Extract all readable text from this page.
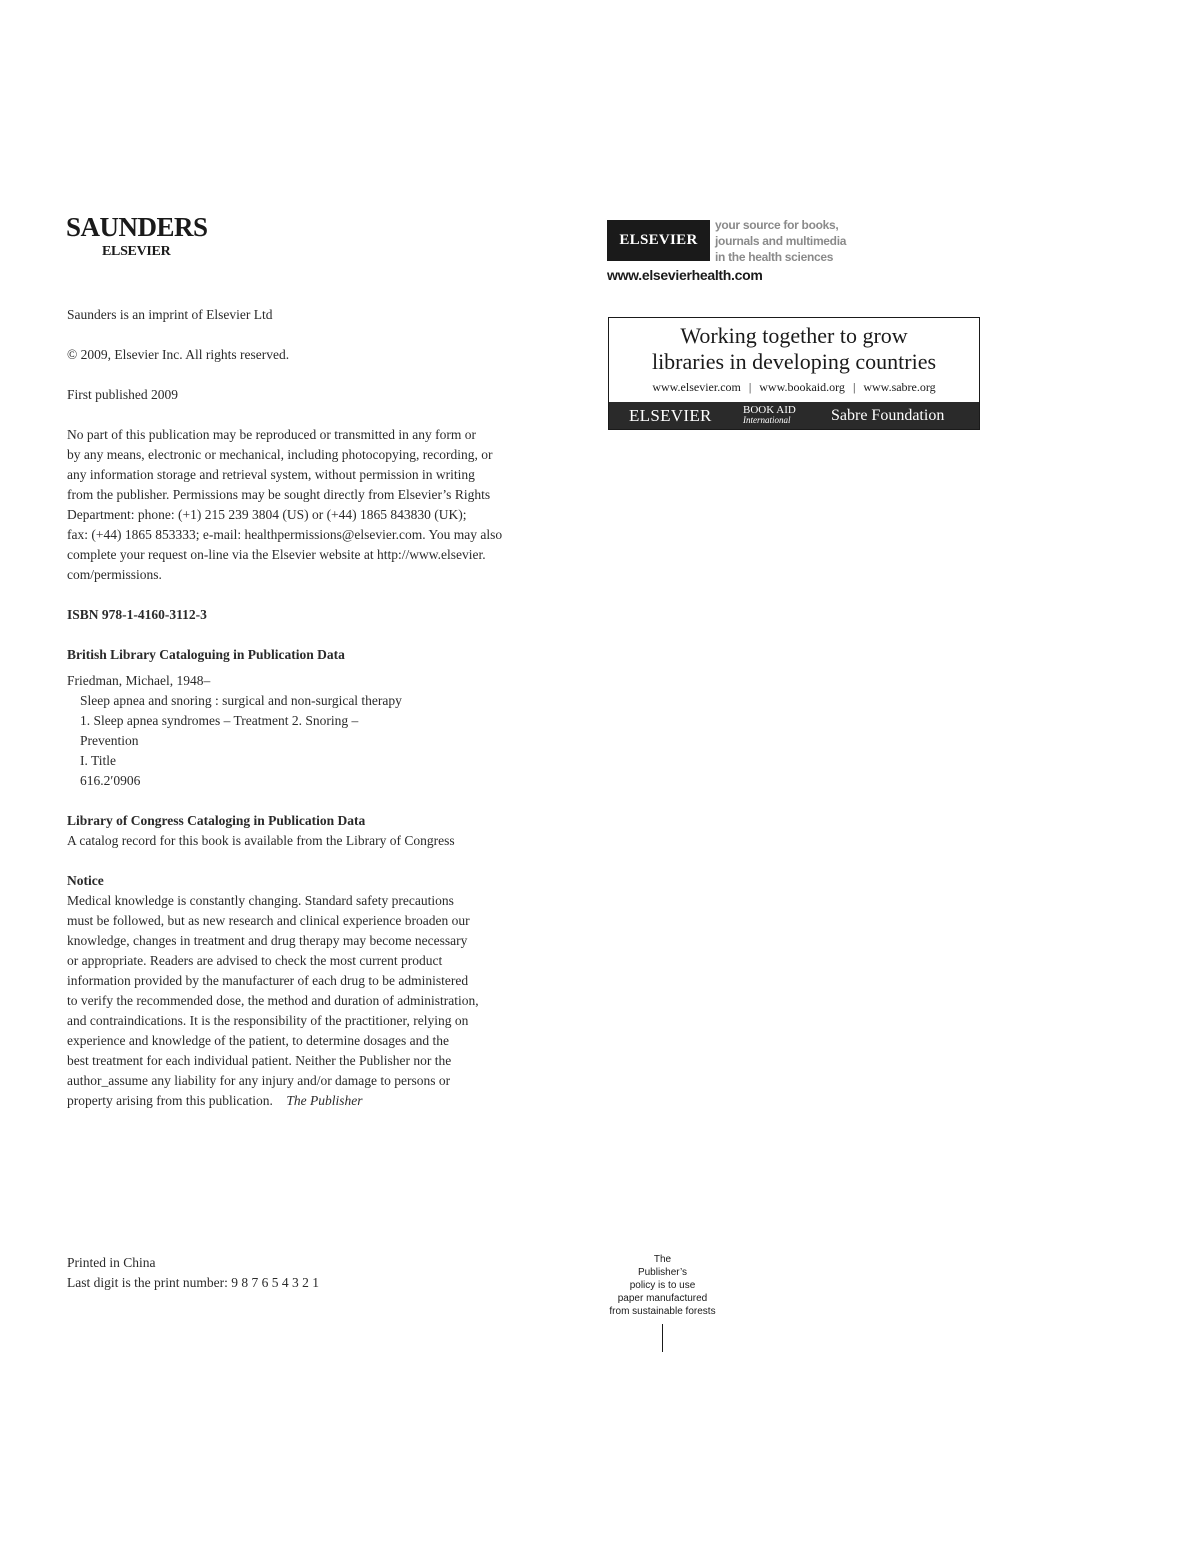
SAUNDERS
ELSEVIER

Saunders is an imprint of Elsevier Ltd

© 2009, Elsevier Inc. All rights reserved.

First published 2009

No part of this publication may be reproduced or transmitted in any form or

by any means, electronic or mechanical, including photocopying, recording, or

any information storage and retrieval system, without permission in writing

from the publisher. Permissions may be sought directly from Elsevier’s Rights

Department: phone: (+1) 215 239 3804 (US) or (+44) 1865 843830 (UK);

fax: (+44) 1865 853333; e-mail: healthpermissions@elsevier.com. You may also

complete your request on-line via the Elsevier website at http://www.elsevier.

com/permissions.

ISBN 978-1-4160-3112-3

British Library Cataloguing in Publication Data

Friedman, Michael, 1948–

Sleep apnea and snoring : surgical and non-surgical therapy

1. Sleep apnea syndromes – Treatment 2. Snoring –

Prevention

I. Title

616.2′0906

Library of Congress Cataloging in Publication Data

A catalog record for this book is available from the Library of Congress

Notice

Medical knowledge is constantly changing. Standard safety precautions

must be followed, but as new research and clinical experience broaden our

knowledge, changes in treatment and drug therapy may become necessary

or appropriate. Readers are advised to check the most current product

information provided by the manufacturer of each drug to be administered

to verify the recommended dose, the method and duration of administration,

and contraindications. It is the responsibility of the practitioner, relying on

experience and knowledge of the patient, to determine dosages and the

best treatment for each individual patient. Neither the Publisher nor the

author_assume any liability for any injury and/or damage to persons or

property arising from this publication. The Publisher

ELSEVIER
your source for books,
journals and multimedia
in the health sciences
www.elsevierhealth.com
Working together to grow
libraries in developing countries
www.elsevier.com | www.bookaid.org | www.sabre.org
ELSEVIER	BOOK AID
International	Sabre Foundation

Printed in China

Last digit is the print number: 9 8 7 6 5 4 3 2 1

The
Publisher’s
policy is to use
paper manufactured
from sustainable forests
